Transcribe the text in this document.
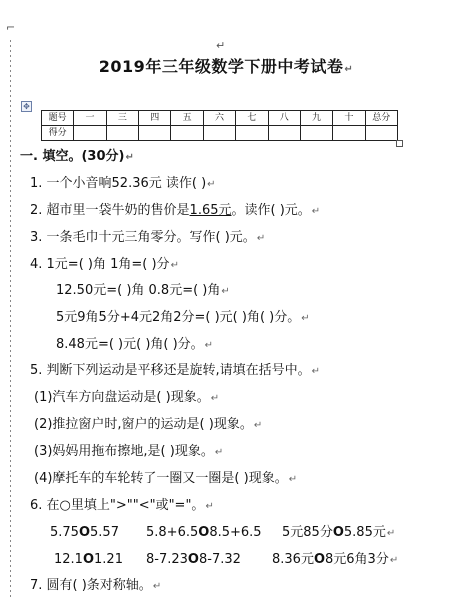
⌐
↵
2019年三年级数学下册中考试卷↵
✥
题号	一	三	四	五	六	七	八	九	十	总分
得分										
一. 填空。(30分)↵
1. 一个小音响52.36元 读作( )↵
2. 超市里一袋牛奶的售价是1.65元。读作( )元。↵
3. 一条毛巾十元三角零分。写作( )元。↵
4. 1元=( )角 1角=( )分↵
12.50元=( )角 0.8元=( )角↵
5元9角5分+4元2角2分=( )元( )角( )分。↵
8.48元=( )元( )角( )分。↵
5. 判断下列运动是平移还是旋转,请填在括号中。↵
(1)汽车方向盘运动是( )现象。↵
(2)推拉窗户时,窗户的运动是( )现象。↵
(3)妈妈用拖布擦地,是( )现象。↵
(4)摩托车的车轮转了一圈又一圈是( )现象。↵
6. 在○里填上">""<"或"="。↵
5.75O5.57 5.8+6.5O8.5+6.5 5元85分O5.85元↵
12.1O1.21 8-7.23O8-7.32 8.36元O8元6角3分↵
7. 圆有( )条对称轴。↵
